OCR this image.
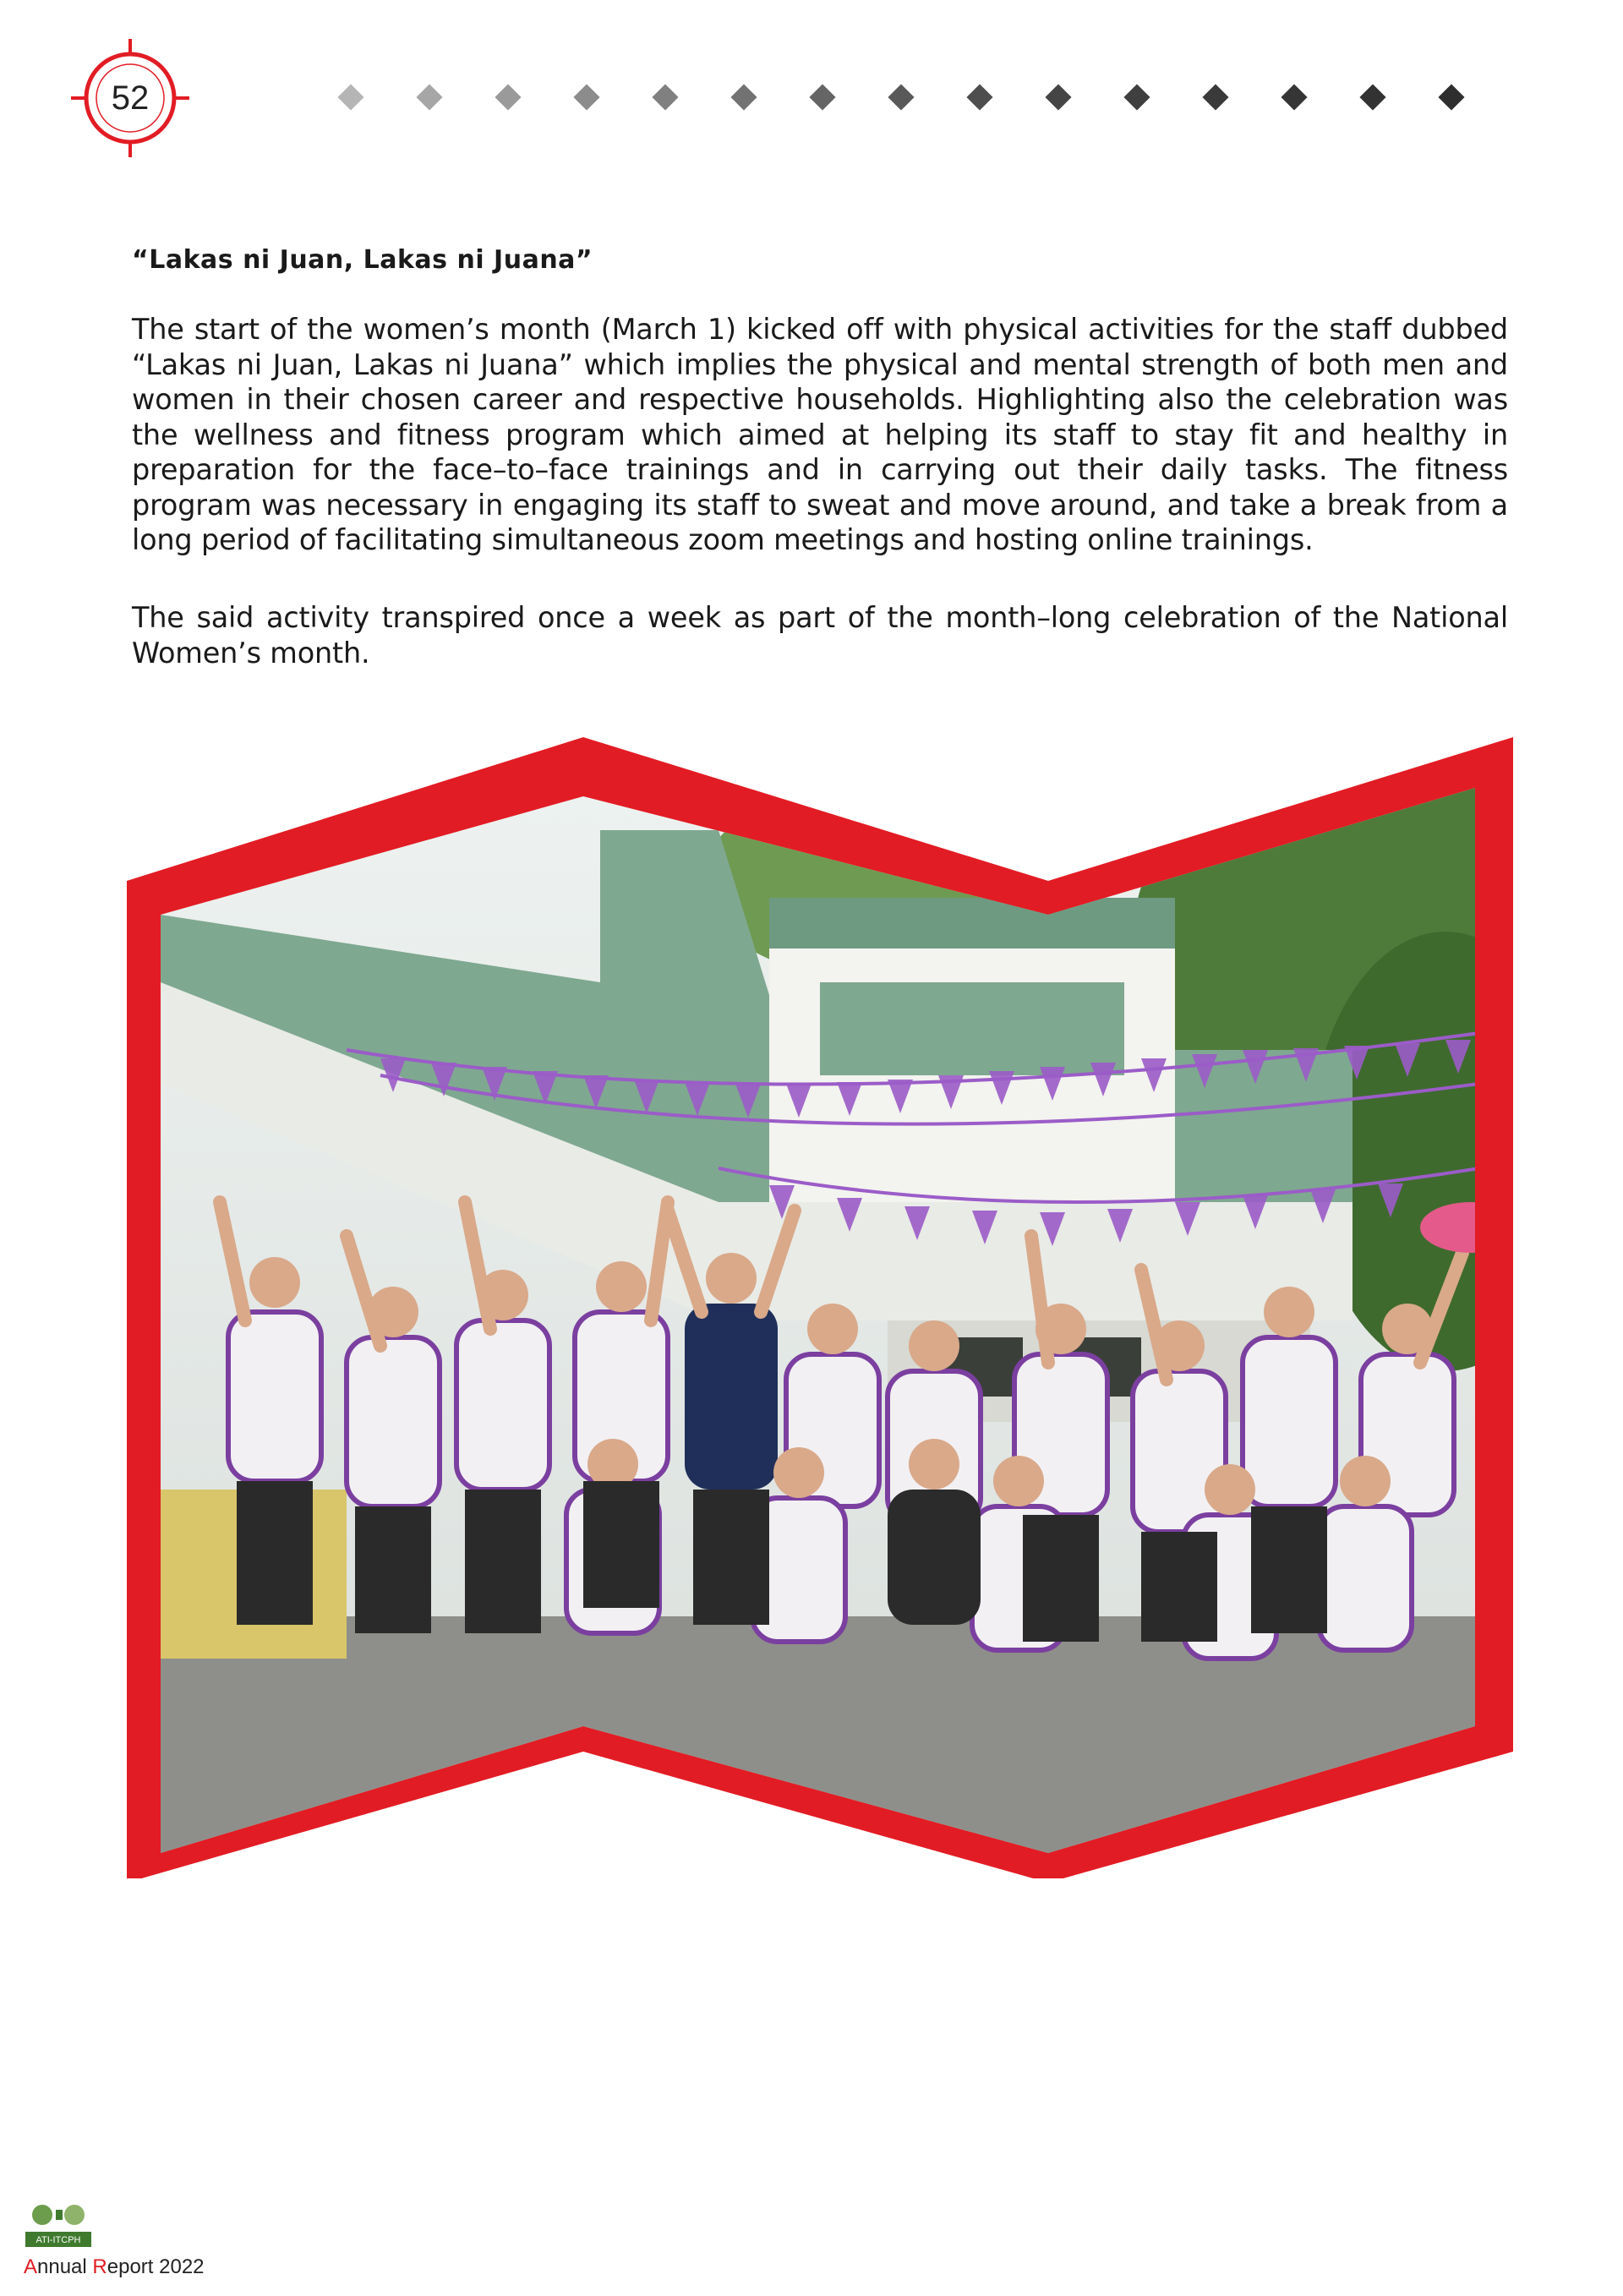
52
“Lakas ni Juan, Lakas ni Juana”

The start of the women’s month (March 1) kicked off with physical activities for the staff dubbed “Lakas ni Juan, Lakas ni Juana” which implies the physical and mental strength of both men and women in their chosen career and respective households. Highlighting also the celebration was the wellness and fitness program which aimed at helping its staff to stay fit and healthy in preparation for the face–to–face trainings and in carrying out their daily tasks. The fitness program was necessary in engaging its staff to sweat and move around, and take a break from a long period of facilitating simultaneous zoom meetings and hosting online trainings.

The said activity transpired once a week as part of the month–long celebration of the National Women’s month.

ATI-ITCPH
Annual Report 2022
